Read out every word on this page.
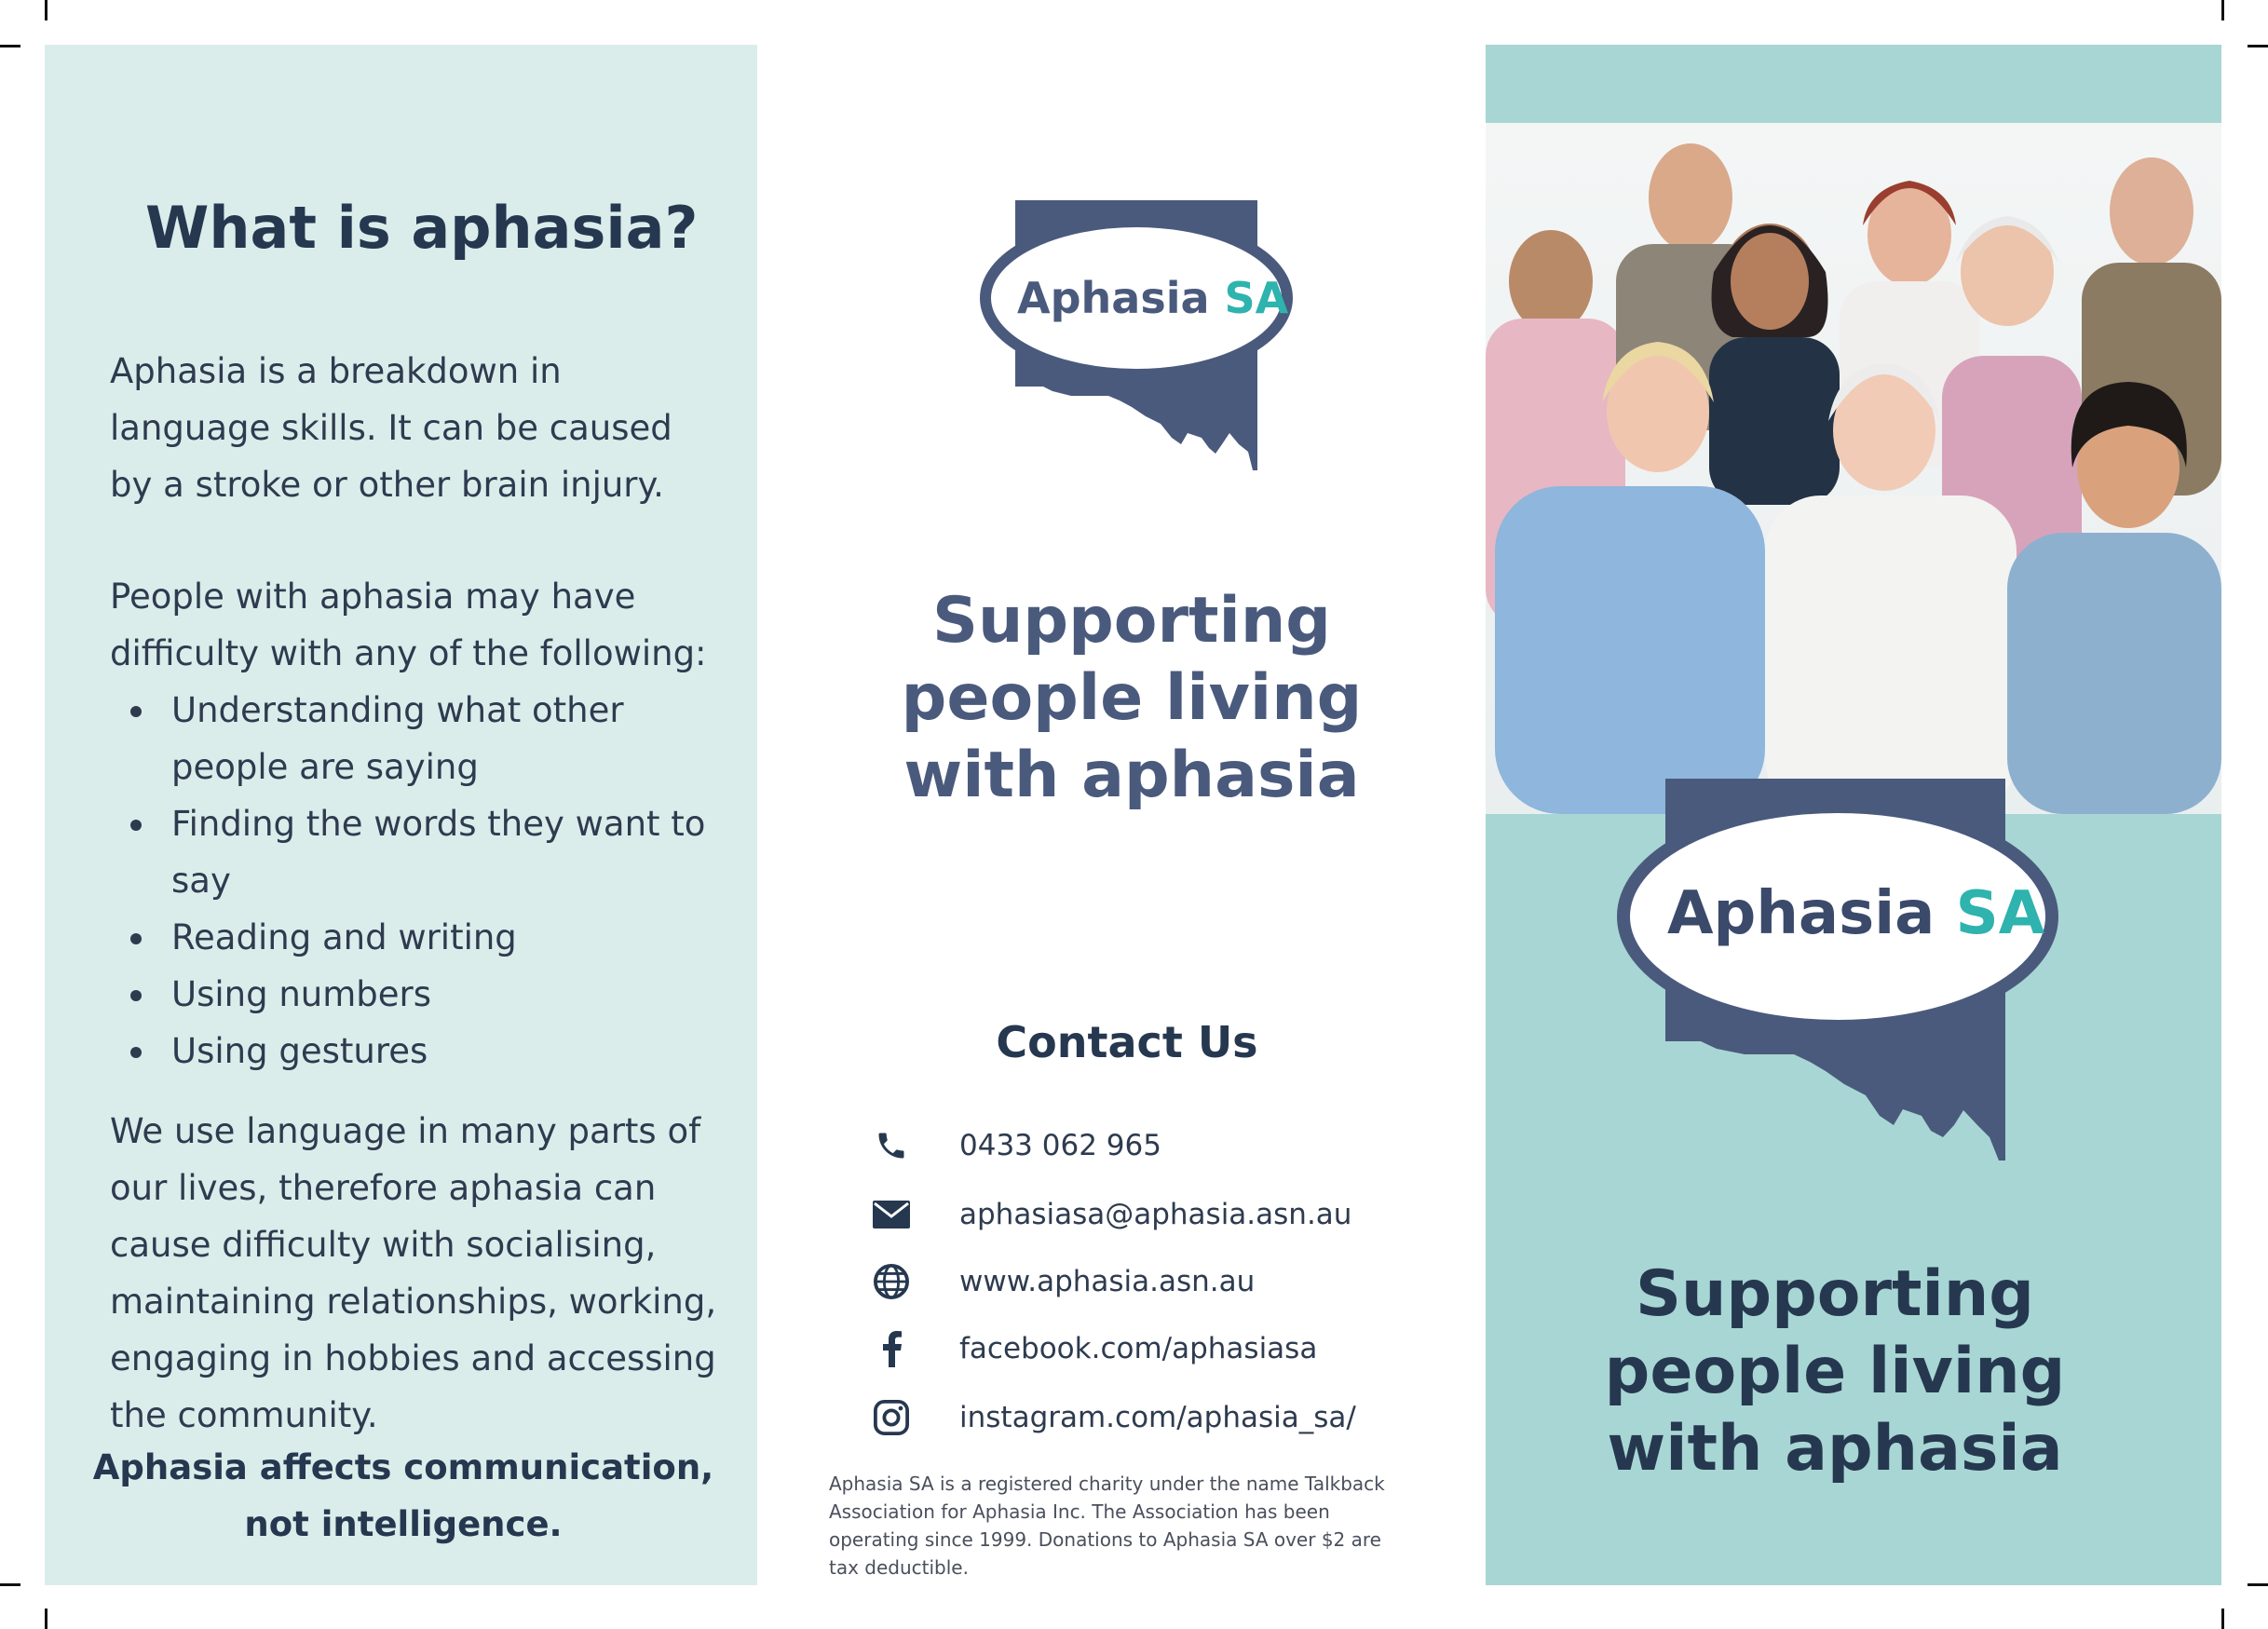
What is aphasia?

Aphasia is a breakdown in language skills. It can be caused by a stroke or other brain injury.

People with aphasia may have difficulty with any of the following:

Understanding what other people are saying
Finding the words they want to say
Reading and writing
Using numbers
Using gestures

We use language in many parts of our lives, therefore aphasia can cause difficulty with socialising, maintaining relationships, working, engaging in hobbies and accessing the community.

Aphasia affects communication, not intelligence.
Aphasia SA
Supporting people living with aphasia
Contact Us
0433 062 965
aphasiasa@aphasia.asn.au
www.aphasia.asn.au
facebook.com/aphasiasa
instagram.com/aphasia_sa/
Aphasia SA is a registered charity under the name Talkback Association for Aphasia Inc. The Association has been operating since 1999. Donations to Aphasia SA over $2 are tax deductible.
Aphasia SA
Supporting people living with aphasia
